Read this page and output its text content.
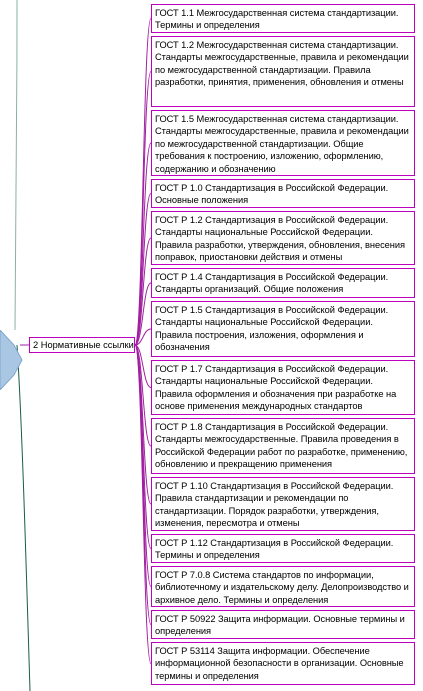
2 Нормативные ссылки
ГОСТ 1.1 Межгосударственная система стандартизации. Термины и определения
ГОСТ 1.2 Межгосударственная система стандартизации. Стандарты межгосударственные, правила и рекомендации по межгосударственной стандартизации. Правила разработки, принятия, применения, обновления и отмены
ГОСТ 1.5 Межгосударственная система стандартизации. Стандарты межгосударственные, правила и рекомендации по межгосударственной стандартизации. Общие требования к построению, изложению, оформлению, содержанию и обозначению
ГОСТ Р 1.0 Стандартизация в Российской Федерации. Основные положения
ГОСТ Р 1.2 Стандартизация в Российской Федерации. Стандарты национальные Российской Федерации. Правила разработки, утверждения, обновления, внесения поправок, приостановки действия и отмены
ГОСТ Р 1.4 Стандартизация в Российской Федерации. Стандарты организаций. Общие положения
ГОСТ Р 1.5 Стандартизация в Российской Федерации. Стандарты национальные Российской Федерации. Правила построения, изложения, оформления и обозначения
ГОСТ Р 1.7 Стандартизация в Российской Федерации. Стандарты национальные Российской Федерации. Правила оформления и обозначения при разработке на основе применения международных стандартов
ГОСТ Р 1.8 Стандартизация в Российской Федерации. Стандарты межгосударственные. Правила проведения в Российской Федерации работ по разработке, применению, обновлению и прекращению применения
ГОСТ Р 1.10 Стандартизация в Российской Федерации. Правила стандартизации и рекомендации по стандартизации. Порядок разработки, утверждения, изменения, пересмотра и отмены
ГОСТ Р 1.12 Стандартизация в Российской Федерации. Термины и определения
ГОСТ Р 7.0.8 Система стандартов по информации, библиотечному и издательскому делу. Делопроизводство и архивное дело. Термины и определения
ГОСТ Р 50922 Защита информации. Основные термины и определения
ГОСТ Р 53114 Защита информации. Обеспечение информационной безопасности в организации. Основные термины и определения
